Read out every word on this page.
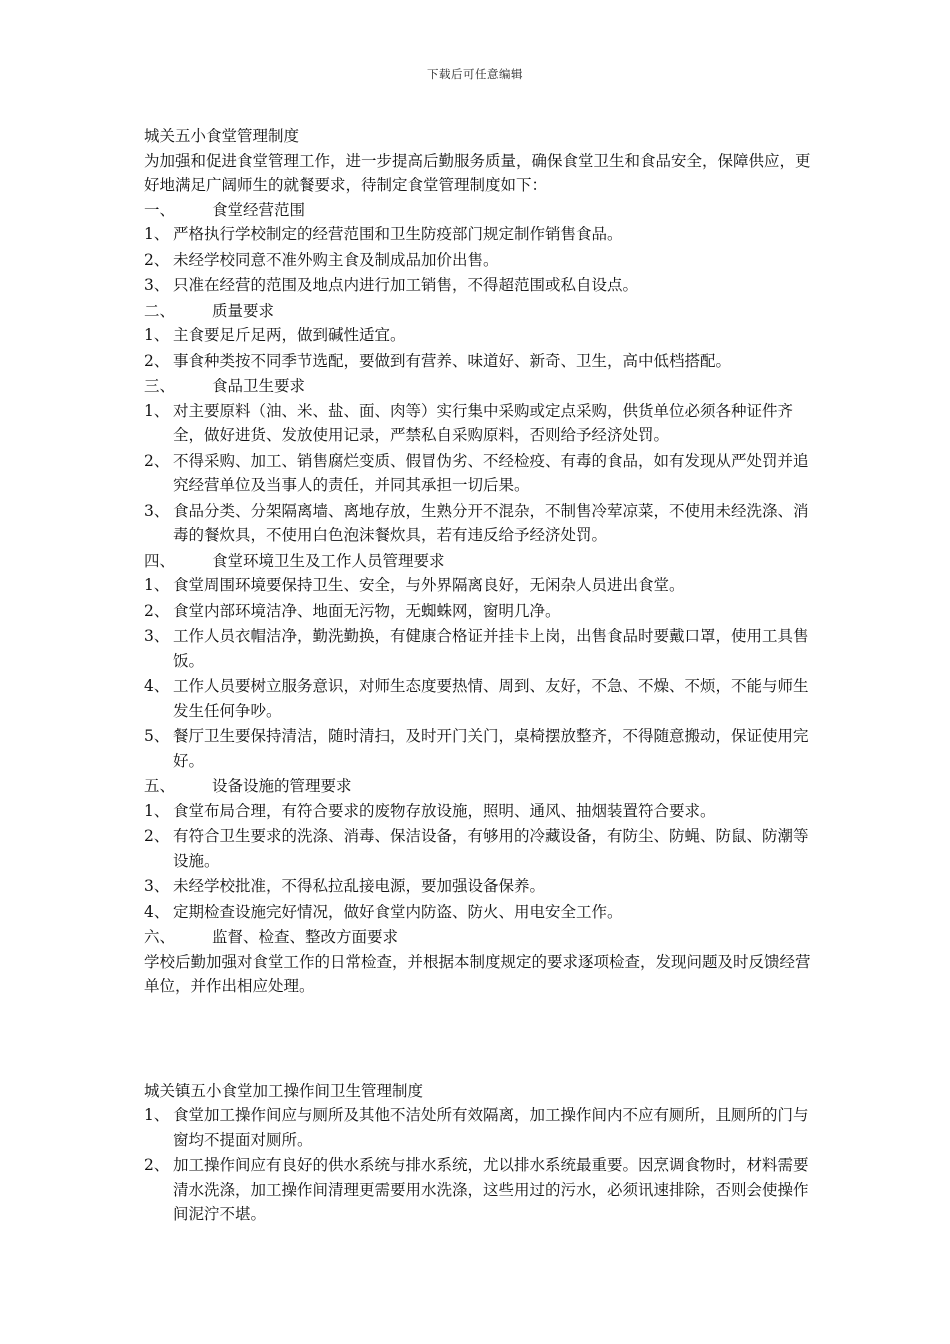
下载后可任意编辑

城关五小食堂管理制度

为加强和促进食堂管理工作，进一步提高后勤服务质量，确保食堂卫生和食品安全，保障供应，更好地满足广阔师生的就餐要求，待制定食堂管理制度如下：

一、	食堂经营范围
1、 严格执行学校制定的经营范围和卫生防疫部门规定制作销售食品。
2、 未经学校同意不准外购主食及制成品加价出售。
3、 只准在经营的范围及地点内进行加工销售，不得超范围或私自设点。
二、	质量要求
1、 主食要足斤足两，做到碱性适宜。
2、 事食种类按不同季节选配，要做到有营养、味道好、新奇、卫生，高中低档搭配。
三、	食品卫生要求
1、 对主要原料（油、米、盐、面、肉等）实行集中采购或定点采购，供货单位必须各种证件齐全，做好进货、发放使用记录，严禁私自采购原料，否则给予经济处罚。
2、 不得采购、加工、销售腐烂变质、假冒伪劣、不经检疫、有毒的食品，如有发现从严处罚并追究经营单位及当事人的责任，并同其承担一切后果。
3、 食品分类、分架隔离墙、离地存放，生熟分开不混杂，不制售冷荤凉菜，不使用未经洗涤、消毒的餐炊具，不使用白色泡沫餐炊具，若有违反给予经济处罚。
四、	食堂环境卫生及工作人员管理要求
1、 食堂周围环境要保持卫生、安全，与外界隔离良好，无闲杂人员进出食堂。
2、 食堂内部环境洁净、地面无污物，无蜘蛛网，窗明几净。
3、 工作人员衣帽洁净，勤洗勤换，有健康合格证并挂卡上岗，出售食品时要戴口罩，使用工具售饭。
4、 工作人员要树立服务意识，对师生态度要热情、周到、友好，不急、不燥、不烦，不能与师生发生任何争吵。
5、 餐厅卫生要保持清洁，随时清扫，及时开门关门，桌椅摆放整齐，不得随意搬动，保证使用完好。
五、	设备设施的管理要求
1、 食堂布局合理，有符合要求的废物存放设施，照明、通风、抽烟装置符合要求。
2、 有符合卫生要求的洗涤、消毒、保洁设备，有够用的冷藏设备，有防尘、防蝇、防鼠、防潮等设施。
3、 未经学校批准，不得私拉乱接电源，要加强设备保养。
4、 定期检查设施完好情况，做好食堂内防盗、防火、用电安全工作。
六、	监督、检查、整改方面要求

学校后勤加强对食堂工作的日常检查，并根据本制度规定的要求逐项检查，发现问题及时反馈经营单位，并作出相应处理。

城关镇五小食堂加工操作间卫生管理制度

1、 食堂加工操作间应与厕所及其他不洁处所有效隔离，加工操作间内不应有厕所，且厕所的门与窗均不提面对厕所。
2、 加工操作间应有良好的供水系统与排水系统，尤以排水系统最重要。因烹调食物时，材料需要清水洗涤，加工操作间清理更需要用水洗涤，这些用过的污水，必须讯速排除，否则会使操作间泥泞不堪。
